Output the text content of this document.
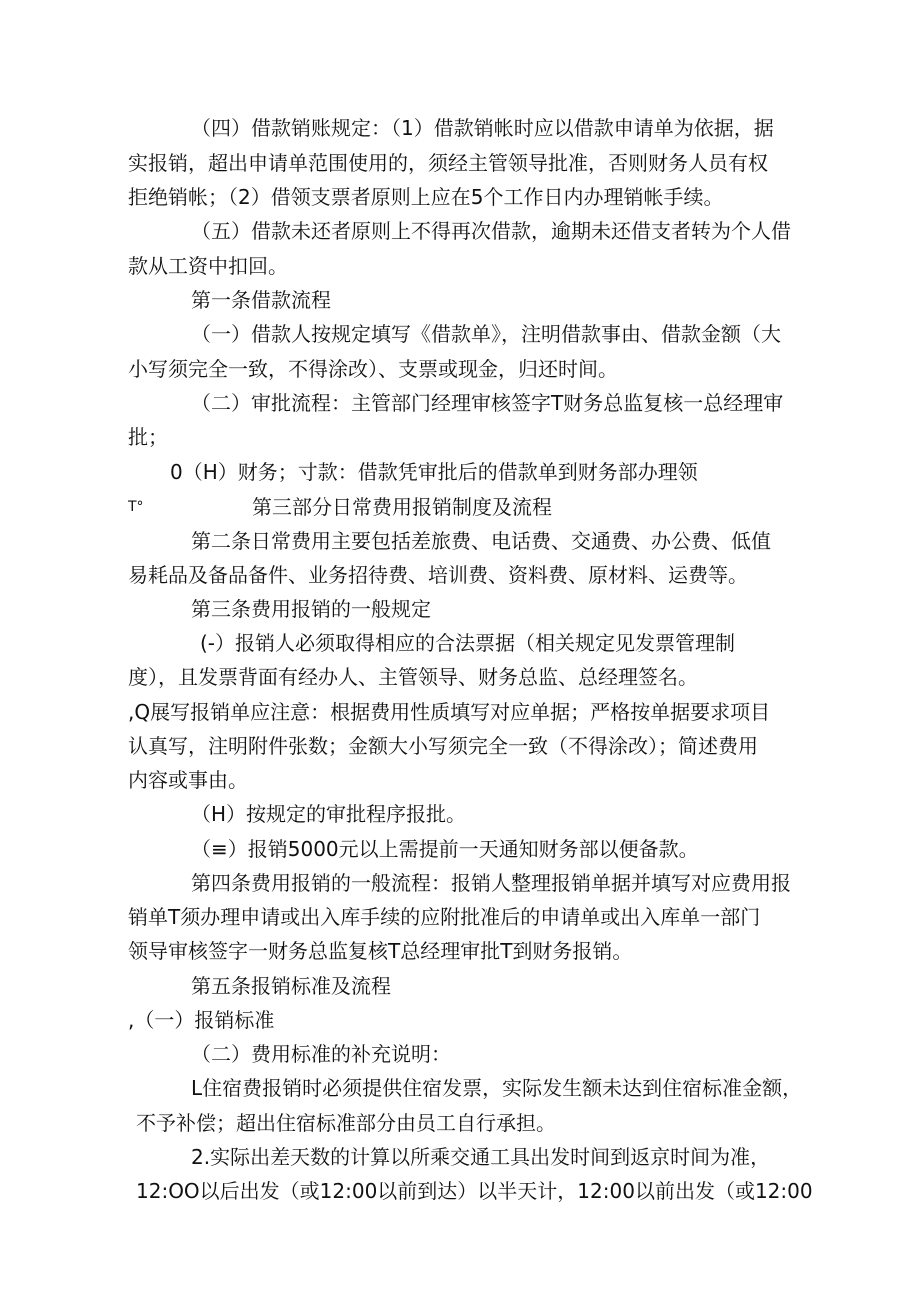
（四）借款销账规定：（1）借款销帐时应以借款申请单为依据，据
实报销，超出申请单范围使用的，须经主管领导批准，否则财务人员有权
拒绝销帐；（2）借领支票者原则上应在5个工作日内办理销帐手续。
（五）借款未还者原则上不得再次借款，逾期未还借支者转为个人借
款从工资中扣回。
第一条借款流程
（一）借款人按规定填写《借款单》，注明借款事由、借款金额（大
小写须完全一致，不得涂改）、支票或现金，归还时间。
（二）审批流程：主管部门经理审核签字T财务总监复核一总经理审
批；
0（H）财务；寸款：借款凭审批后的借款单到财务部办理领
T°	第三部分日常费用报销制度及流程
第二条日常费用主要包括差旅费、电话费、交通费、办公费、低值
易耗品及备品备件、业务招待费、培训费、资料费、原材料、运费等。
第三条费用报销的一般规定
(-）报销人必须取得相应的合法票据（相关规定见发票管理制
度），且发票背面有经办人、主管领导、财务总监、总经理签名。
,Q展写报销单应注意：根据费用性质填写对应单据；严格按单据要求项目
认真写，注明附件张数；金额大小写须完全一致（不得涂改）；简述费用
内容或事由。
（H）按规定的审批程序报批。
（≡）报销5000元以上需提前一天通知财务部以便备款。
第四条费用报销的一般流程：报销人整理报销单据并填写对应费用报
销单T须办理申请或出入库手续的应附批准后的申请单或出入库单一部门
领导审核签字一财务总监复核T总经理审批T到财务报销。
第五条报销标准及流程
,（一）报销标准
（二）费用标准的补充说明：
L住宿费报销时必须提供住宿发票，实际发生额未达到住宿标准金额，
不予补偿；超出住宿标准部分由员工自行承担。
2.实际出差天数的计算以所乘交通工具出发时间到返京时间为准，
12:OO以后出发（或12:00以前到达）以半天计，12:00以前出发（或12:00
